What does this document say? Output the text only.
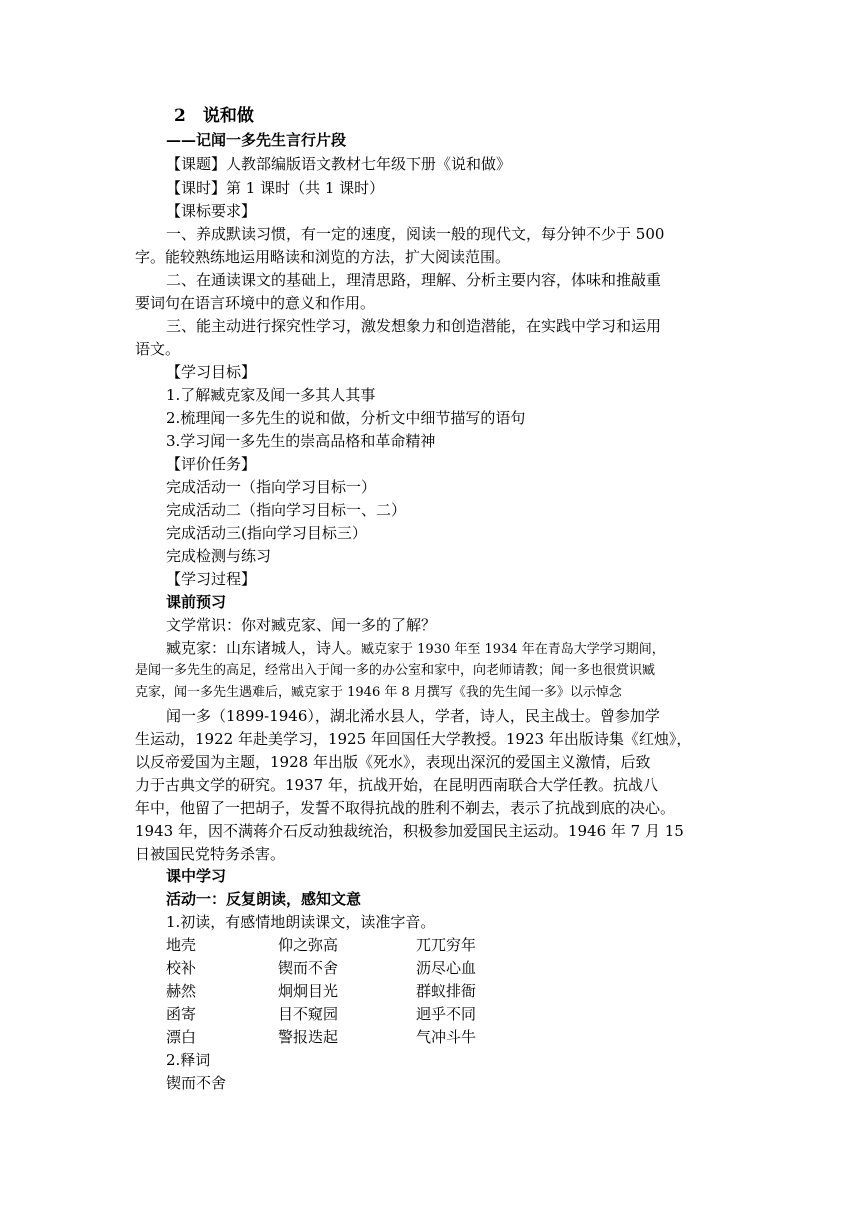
2　说和做
——记闻一多先生言行片段
【课题】人教部编版语文教材七年级下册《说和做》
【课时】第 1 课时（共 1 课时）
【课标要求】
一、养成默读习惯，有一定的速度，阅读一般的现代文，每分钟不少于 500
字。能较熟练地运用略读和浏览的方法，扩大阅读范围。
二、在通读课文的基础上，理清思路，理解、分析主要内容，体味和推敲重
要词句在语言环境中的意义和作用。
三、能主动进行探究性学习，激发想象力和创造潜能，在实践中学习和运用
语文。
【学习目标】
1.了解臧克家及闻一多其人其事
2.梳理闻一多先生的说和做，分析文中细节描写的语句
3.学习闻一多先生的崇高品格和革命精神
【评价任务】
完成活动一（指向学习目标一）
完成活动二（指向学习目标一、二）
完成活动三(指向学习目标三）
完成检测与练习
【学习过程】
课前预习
文学常识：你对臧克家、闻一多的了解？
臧克家：山东诸城人，诗人。臧克家于 1930 年至 1934 年在青岛大学学习期间，
是闻一多先生的高足，经常出入于闻一多的办公室和家中，向老师请教；闻一多也很赏识臧
克家，闻一多先生遇难后，臧克家于 1946 年 8 月撰写《我的先生闻一多》以示悼念
闻一多（1899-1946），湖北浠水县人，学者，诗人，民主战士。曾参加学
生运动，1922 年赴美学习，1925 年回国任大学教授。1923 年出版诗集《红烛》，
以反帝爱国为主题，1928 年出版《死水》，表现出深沉的爱国主义激情，后致
力于古典文学的研究。1937 年，抗战开始，在昆明西南联合大学任教。抗战八
年中，他留了一把胡子，发誓不取得抗战的胜利不剃去，表示了抗战到底的决心。
1943 年，因不满蒋介石反动独裁统治，积极参加爱国民主运动。1946 年 7 月 15
日被国民党特务杀害。
课中学习
活动一：反复朗读，感知文意
1.初读，有感情地朗读课文，读准字音。
地壳	仰之弥高	兀兀穷年
校补	锲而不舍	沥尽心血
赫然	炯炯目光	群蚁排衙
函寄	目不窥园	迥乎不同
漂白	警报迭起	气冲斗牛
2.释词
锲而不舍
